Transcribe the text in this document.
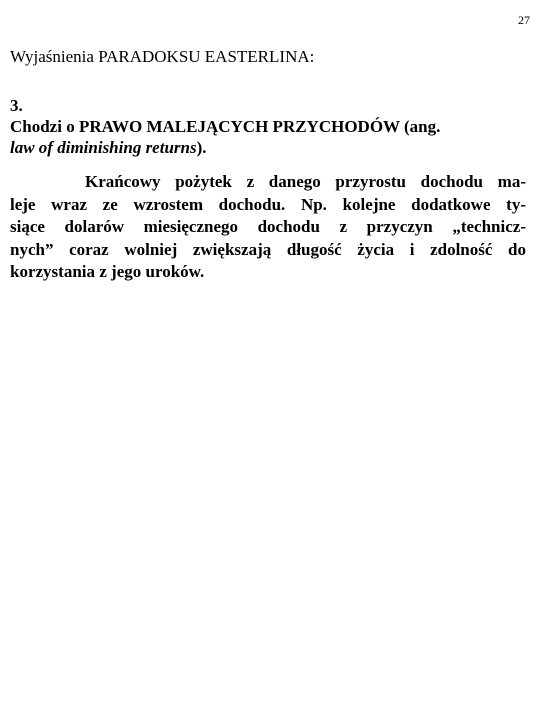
27
Wyjaśnienia PARADOKSU EASTERLINA:
3.
Chodzi o PRAWO MALEJĄCYCH PRZYCHODÓW (ang.
law of diminishing returns).
Krańcowy pożytek z danego przyrostu dochodu ma-
leje wraz ze wzrostem dochodu. Np. kolejne dodatkowe ty-
siące dolarów miesięcznego dochodu z przyczyn „technicz-
nych” coraz wolniej zwiększają długość życia i zdolność do
korzystania z jego uroków.
